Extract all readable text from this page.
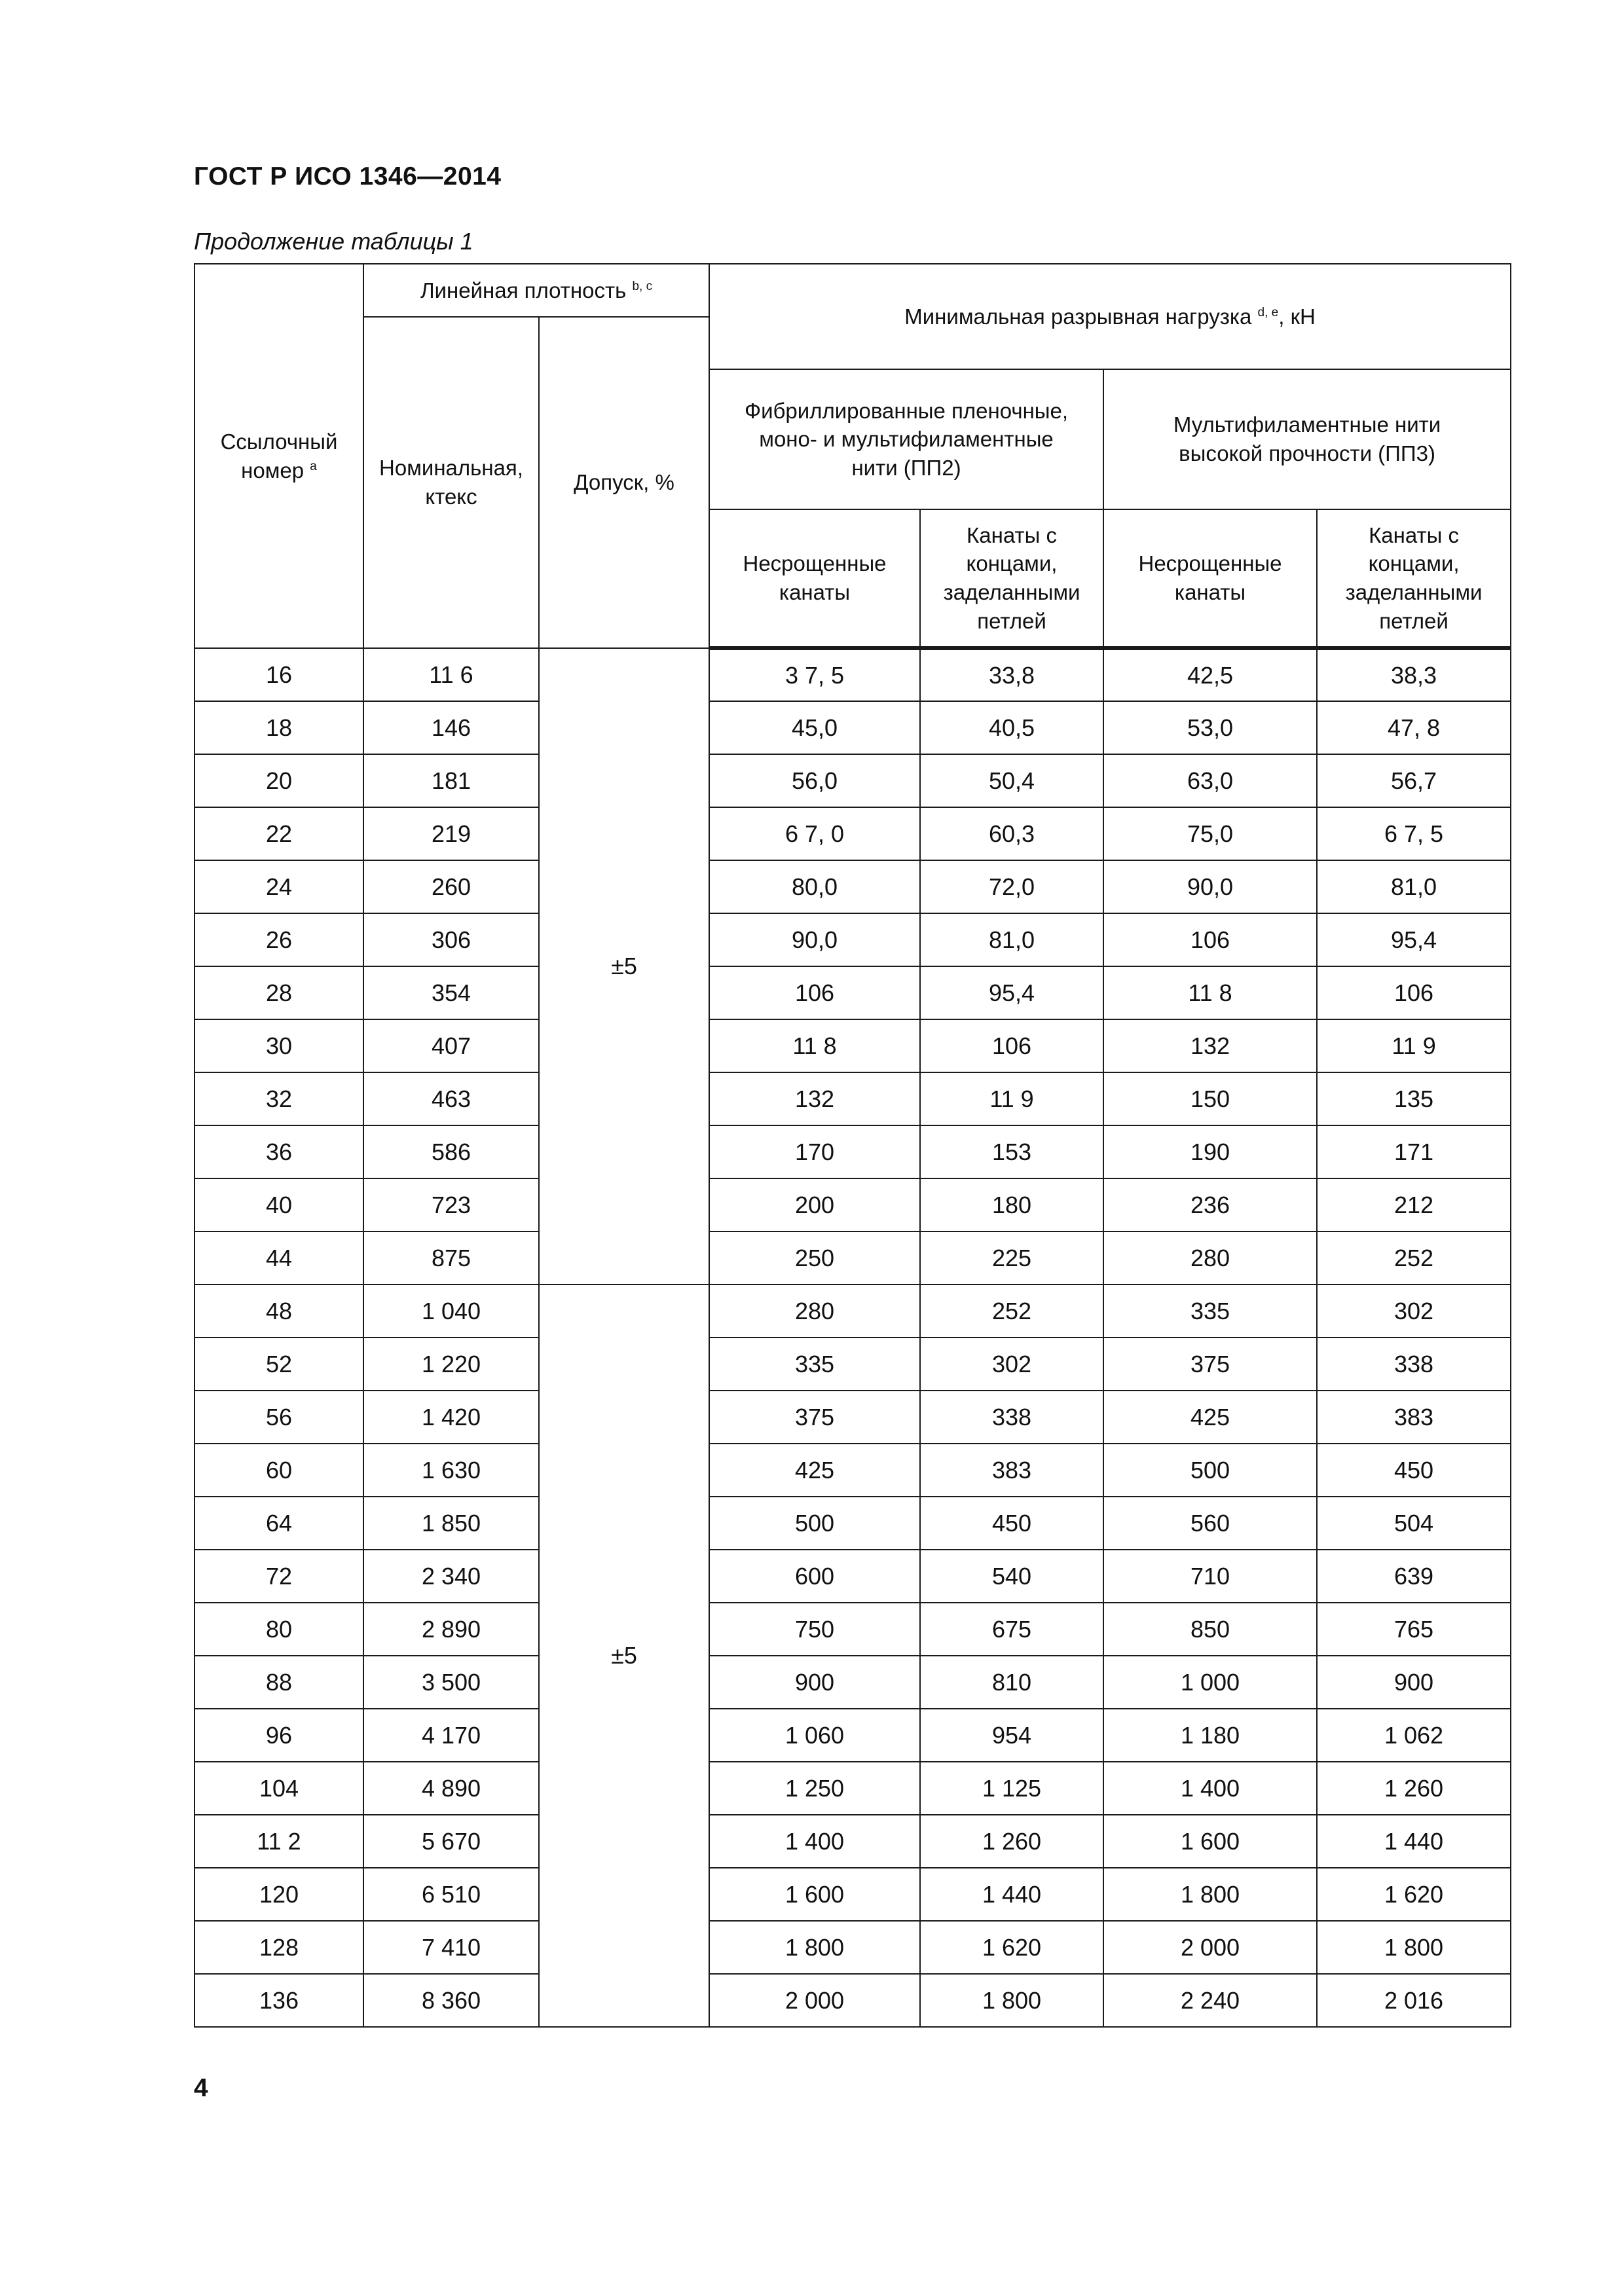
ГОСТ Р ИСО 1346—2014
Продолжение таблицы 1
Ссылочный номер $^a$	Линейная плотность $^{b, c}$		Минимальная разрывная нагрузка $^{d, e}$, кН			
	Номинальная, ктекс	Допуск, %				
			Фибриллированные пленочные, моно- и мультифиламентные нити (ПП2)		Мультифиламентные нити высокой прочности (ПП3)	
			Несрощенные канаты	Канаты с концами, заделанными петлей	Несрощенные канаты	Канаты с концами, заделанными петлей
16	11 6	±5	3 7, 5	33,8	42,5	38,3
18	146		45,0	40,5	53,0	47, 8
20	181		56,0	50,4	63,0	56,7
22	219		6 7, 0	60,3	75,0	6 7, 5
24	260		80,0	72,0	90,0	81,0
26	306		90,0	81,0	106	95,4
28	354		106	95,4	11 8	106
30	407		11 8	106	132	11 9
32	463		132	11 9	150	135
36	586		170	153	190	171
40	723		200	180	236	212
44	875		250	225	280	252
48	1 040	±5	280	252	335	302
52	1 220		335	302	375	338
56	1 420		375	338	425	383
60	1 630		425	383	500	450
64	1 850		500	450	560	504
72	2 340		600	540	710	639
80	2 890		750	675	850	765
88	3 500		900	810	1 000	900
96	4 170		1 060	954	1 180	1 062
104	4 890		1 250	1 125	1 400	1 260
11 2	5 670		1 400	1 260	1 600	1 440
120	6 510		1 600	1 440	1 800	1 620
128	7 410		1 800	1 620	2 000	1 800
136	8 360		2 000	1 800	2 240	2 016
4
